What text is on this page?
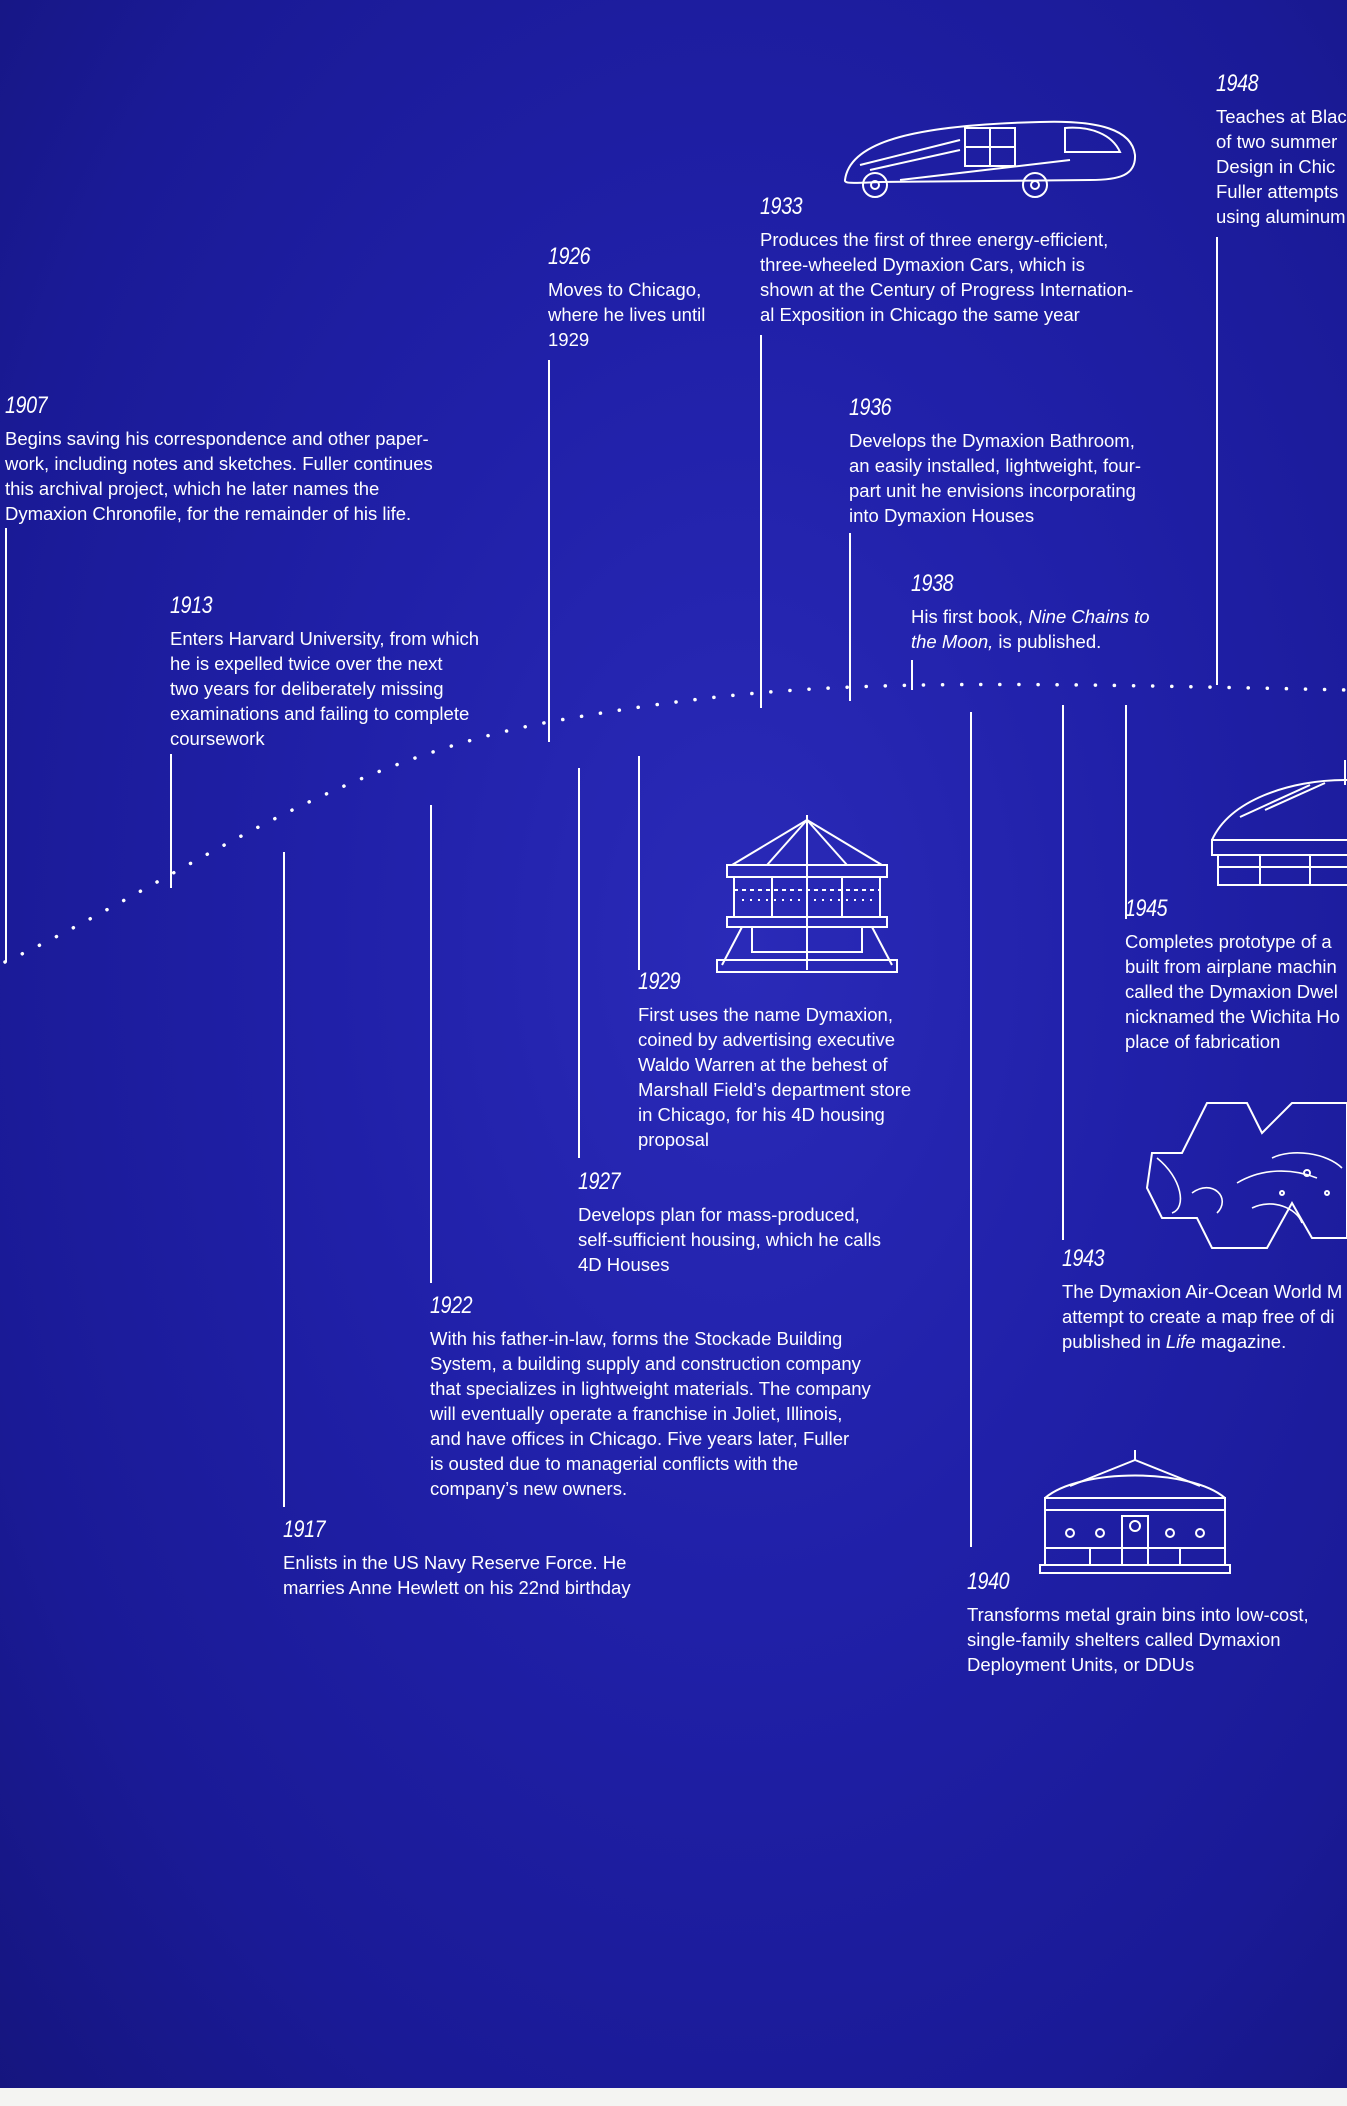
1907
Begins saving his correspondence and other paper-
work, including notes and sketches. Fuller continues
this archival project, which he later names the
Dymaxion Chronofile, for the remainder of his life.
1913
Enters Harvard University, from which
he is expelled twice over the next
two years for deliberately missing
examinations and failing to complete
coursework
1917
Enlists in the US Navy Reserve Force. He
marries Anne Hewlett on his 22nd birthday
1922
With his father-in-law, forms the Stockade Building
System, a building supply and construction company
that specializes in lightweight materials. The company
will eventually operate a franchise in Joliet, Illinois,
and have offices in Chicago. Five years later, Fuller
is ousted due to managerial conflicts with the
company’s new owners.
1926
Moves to Chicago,
where he lives until
1929
1927
Develops plan for mass-produced,
self-sufficient housing, which he calls
4D Houses
1929
First uses the name Dymaxion,
coined by advertising executive
Waldo Warren at the behest of
Marshall Field’s department store
in Chicago, for his 4D housing
proposal
1933
Produces the first of three energy-efficient,
three-wheeled Dymaxion Cars, which is
shown at the Century of Progress Internation-
al Exposition in Chicago the same year
1936
Develops the Dymaxion Bathroom,
an easily installed, lightweight, four-
part unit he envisions incorporating
into Dymaxion Houses
1938
His first book, Nine Chains to
the Moon, is published.
1940
Transforms metal grain bins into low-cost,
single-family shelters called Dymaxion
Deployment Units, or DDUs
1943
The Dymaxion Air-Ocean World M
attempt to create a map free of di
published in Life magazine.
1945
Completes prototype of a
built from airplane machin
called the Dymaxion Dwel
nicknamed the Wichita Ho
place of fabrication
1948
Teaches at Blac
of two summer
Design in Chic
Fuller attempts
using aluminum
